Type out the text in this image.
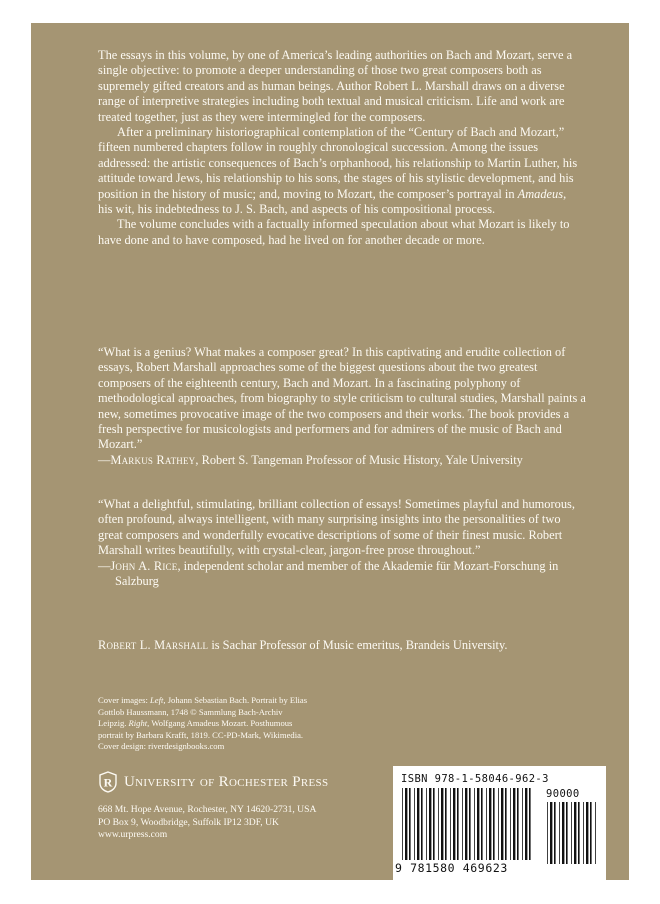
The essays in this volume, by one of America’s leading authorities on Bach and Mozart, serve a single objective: to promote a deeper understanding of those two great composers both as supremely gifted creators and as human beings. Author Robert L. Marshall draws on a diverse range of interpretive strategies including both textual and musical criticism. Life and work are treated together, just as they were intermingled for the composers.

After a preliminary historiographical contemplation of the “Century of Bach and Mozart,” fifteen numbered chapters follow in roughly chronological succession. Among the issues addressed: the artistic consequences of Bach’s orphanhood, his relationship to Martin Luther, his attitude toward Jews, his relationship to his sons, the stages of his stylistic development, and his position in the history of music; and, moving to Mozart, the composer’s portrayal in Amadeus, his wit, his indebtedness to J. S. Bach, and aspects of his compositional process.

The volume concludes with a factually informed speculation about what Mozart is likely to have done and to have composed, had he lived on for another decade or more.

“What is a genius? What makes a composer great? In this captivating and erudite collection of essays, Robert Marshall approaches some of the biggest questions about the two greatest composers of the eighteenth century, Bach and Mozart. In a fascinating polyphony of methodological approaches, from biography to style criticism to cultural studies, Marshall paints a new, sometimes provocative image of the two composers and their works. The book provides a fresh perspective for musicologists and performers and for admirers of the music of Bach and Mozart.”

—Markus Rathey, Robert S. Tangeman Professor of Music History, Yale University

“What a delightful, stimulating, brilliant collection of essays! Sometimes playful and humorous, often profound, always intelligent, with many surprising insights into the personalities of two great composers and wonderfully evocative descriptions of some of their finest music. Robert Marshall writes beautifully, with crystal-clear, jargon-free prose throughout.”

—John A. Rice, independent scholar and member of the Akademie für Mozart-Forschung in Salzburg

Robert L. Marshall is Sachar Professor of Music emeritus, Brandeis University.
Cover images: Left, Johann Sebastian Bach. Portrait by Elias Gottlob Haussmann, 1748 © Sammlung Bach-Archiv Leipzig. Right, Wolfgang Amadeus Mozart. Posthumous portrait by Barbara Krafft, 1819. CC-PD-Mark, Wikimedia.
Cover design: riverdesignbooks.com
R University of Rochester Press
668 Mt. Hope Avenue, Rochester, NY 14620-2731, USA
PO Box 9, Woodbridge, Suffolk IP12 3DF, UK
www.urpress.com
ISBN 978-1-58046-962-3
90000
9 781580 469623
